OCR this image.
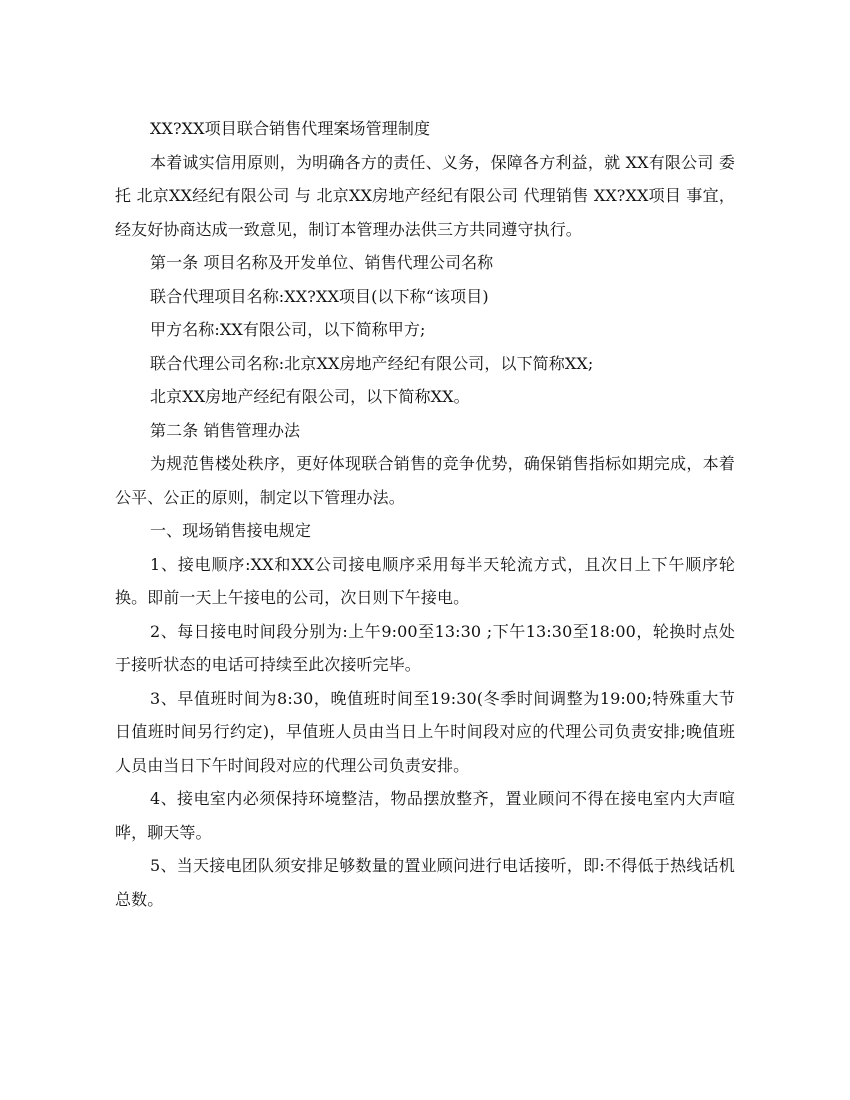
XX?XX项目联合销售代理案场管理制度

本着诚实信用原则，为明确各方的责任、义务，保障各方利益，就 XX有限公司 委托 北京XX经纪有限公司 与 北京XX房地产经纪有限公司 代理销售 XX?XX项目 事宜，经友好协商达成一致意见，制订本管理办法供三方共同遵守执行。

第一条 项目名称及开发单位、销售代理公司名称

联合代理项目名称:XX?XX项目(以下称“该项目)

甲方名称:XX有限公司，以下简称甲方;

联合代理公司名称:北京XX房地产经纪有限公司，以下简称XX;

北京XX房地产经纪有限公司，以下简称XX。

第二条 销售管理办法

为规范售楼处秩序，更好体现联合销售的竞争优势，确保销售指标如期完成，本着公平、公正的原则，制定以下管理办法。

一、现场销售接电规定

1、接电顺序:XX和XX公司接电顺序采用每半天轮流方式，且次日上下午顺序轮换。即前一天上午接电的公司，次日则下午接电。

2、每日接电时间段分别为:上午9:00至13:30 ;下午13:30至18:00，轮换时点处于接听状态的电话可持续至此次接听完毕。

3、早值班时间为8:30，晚值班时间至19:30(冬季时间调整为19:00;特殊重大节日值班时间另行约定)，早值班人员由当日上午时间段对应的代理公司负责安排;晚值班人员由当日下午时间段对应的代理公司负责安排。

4、接电室内必须保持环境整洁，物品摆放整齐，置业顾问不得在接电室内大声喧哗，聊天等。

5、当天接电团队须安排足够数量的置业顾问进行电话接听，即:不得低于热线话机总数。
